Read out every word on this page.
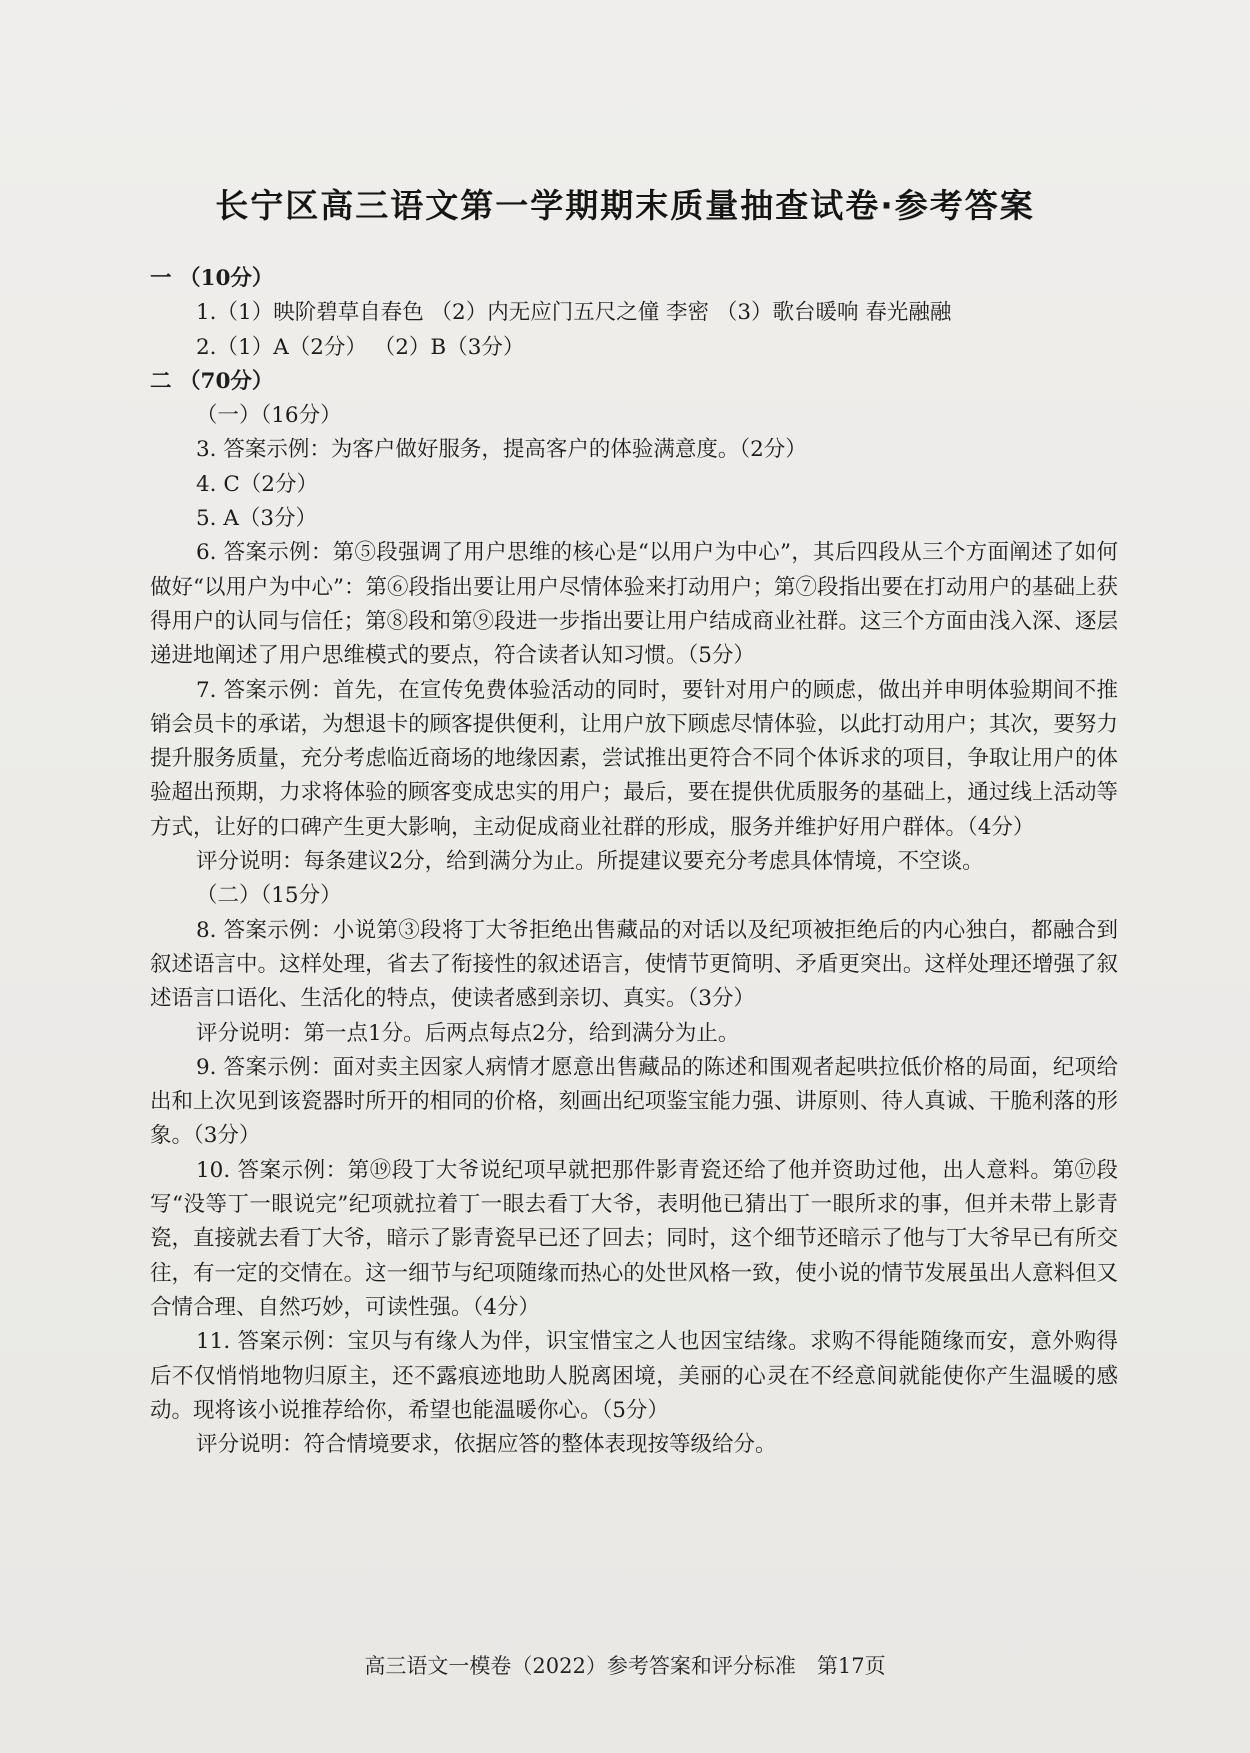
长宁区高三语文第一学期期末质量抽查试卷·参考答案

一 （10分）

1.（1）映阶碧草自春色 （2）内无应门五尺之僮 李密 （3）歌台暖响 春光融融

2.（1）A（2分） （2）B（3分）

二 （70分）

（一）（16分）

3. 答案示例：为客户做好服务，提高客户的体验满意度。（2分）

4. C（2分）

5. A（3分）

6. 答案示例：第⑤段强调了用户思维的核心是“以用户为中心”，其后四段从三个方面阐述了如何做好“以用户为中心”：第⑥段指出要让用户尽情体验来打动用户；第⑦段指出要在打动用户的基础上获得用户的认同与信任；第⑧段和第⑨段进一步指出要让用户结成商业社群。这三个方面由浅入深、逐层递进地阐述了用户思维模式的要点，符合读者认知习惯。（5分）

7. 答案示例：首先，在宣传免费体验活动的同时，要针对用户的顾虑，做出并申明体验期间不推销会员卡的承诺，为想退卡的顾客提供便利，让用户放下顾虑尽情体验，以此打动用户；其次，要努力提升服务质量，充分考虑临近商场的地缘因素，尝试推出更符合不同个体诉求的项目，争取让用户的体验超出预期，力求将体验的顾客变成忠实的用户；最后，要在提供优质服务的基础上，通过线上活动等方式，让好的口碑产生更大影响，主动促成商业社群的形成，服务并维护好用户群体。（4分）

评分说明：每条建议2分，给到满分为止。所提建议要充分考虑具体情境，不空谈。

（二）（15分）

8. 答案示例：小说第③段将丁大爷拒绝出售藏品的对话以及纪项被拒绝后的内心独白，都融合到叙述语言中。这样处理，省去了衔接性的叙述语言，使情节更简明、矛盾更突出。这样处理还增强了叙述语言口语化、生活化的特点，使读者感到亲切、真实。（3分）

评分说明：第一点1分。后两点每点2分，给到满分为止。

9. 答案示例：面对卖主因家人病情才愿意出售藏品的陈述和围观者起哄拉低价格的局面，纪项给出和上次见到该瓷器时所开的相同的价格，刻画出纪项鉴宝能力强、讲原则、待人真诚、干脆利落的形象。（3分）

10. 答案示例：第⑲段丁大爷说纪项早就把那件影青瓷还给了他并资助过他，出人意料。第⑰段写“没等丁一眼说完”纪项就拉着丁一眼去看丁大爷，表明他已猜出丁一眼所求的事，但并未带上影青瓷，直接就去看丁大爷，暗示了影青瓷早已还了回去；同时，这个细节还暗示了他与丁大爷早已有所交往，有一定的交情在。这一细节与纪项随缘而热心的处世风格一致，使小说的情节发展虽出人意料但又合情合理、自然巧妙，可读性强。（4分）

11. 答案示例：宝贝与有缘人为伴，识宝惜宝之人也因宝结缘。求购不得能随缘而安，意外购得后不仅悄悄地物归原主，还不露痕迹地助人脱离困境，美丽的心灵在不经意间就能使你产生温暖的感动。现将该小说推荐给你，希望也能温暖你心。（5分）

评分说明：符合情境要求，依据应答的整体表现按等级给分。

高三语文一模卷（2022）参考答案和评分标准　第17页
